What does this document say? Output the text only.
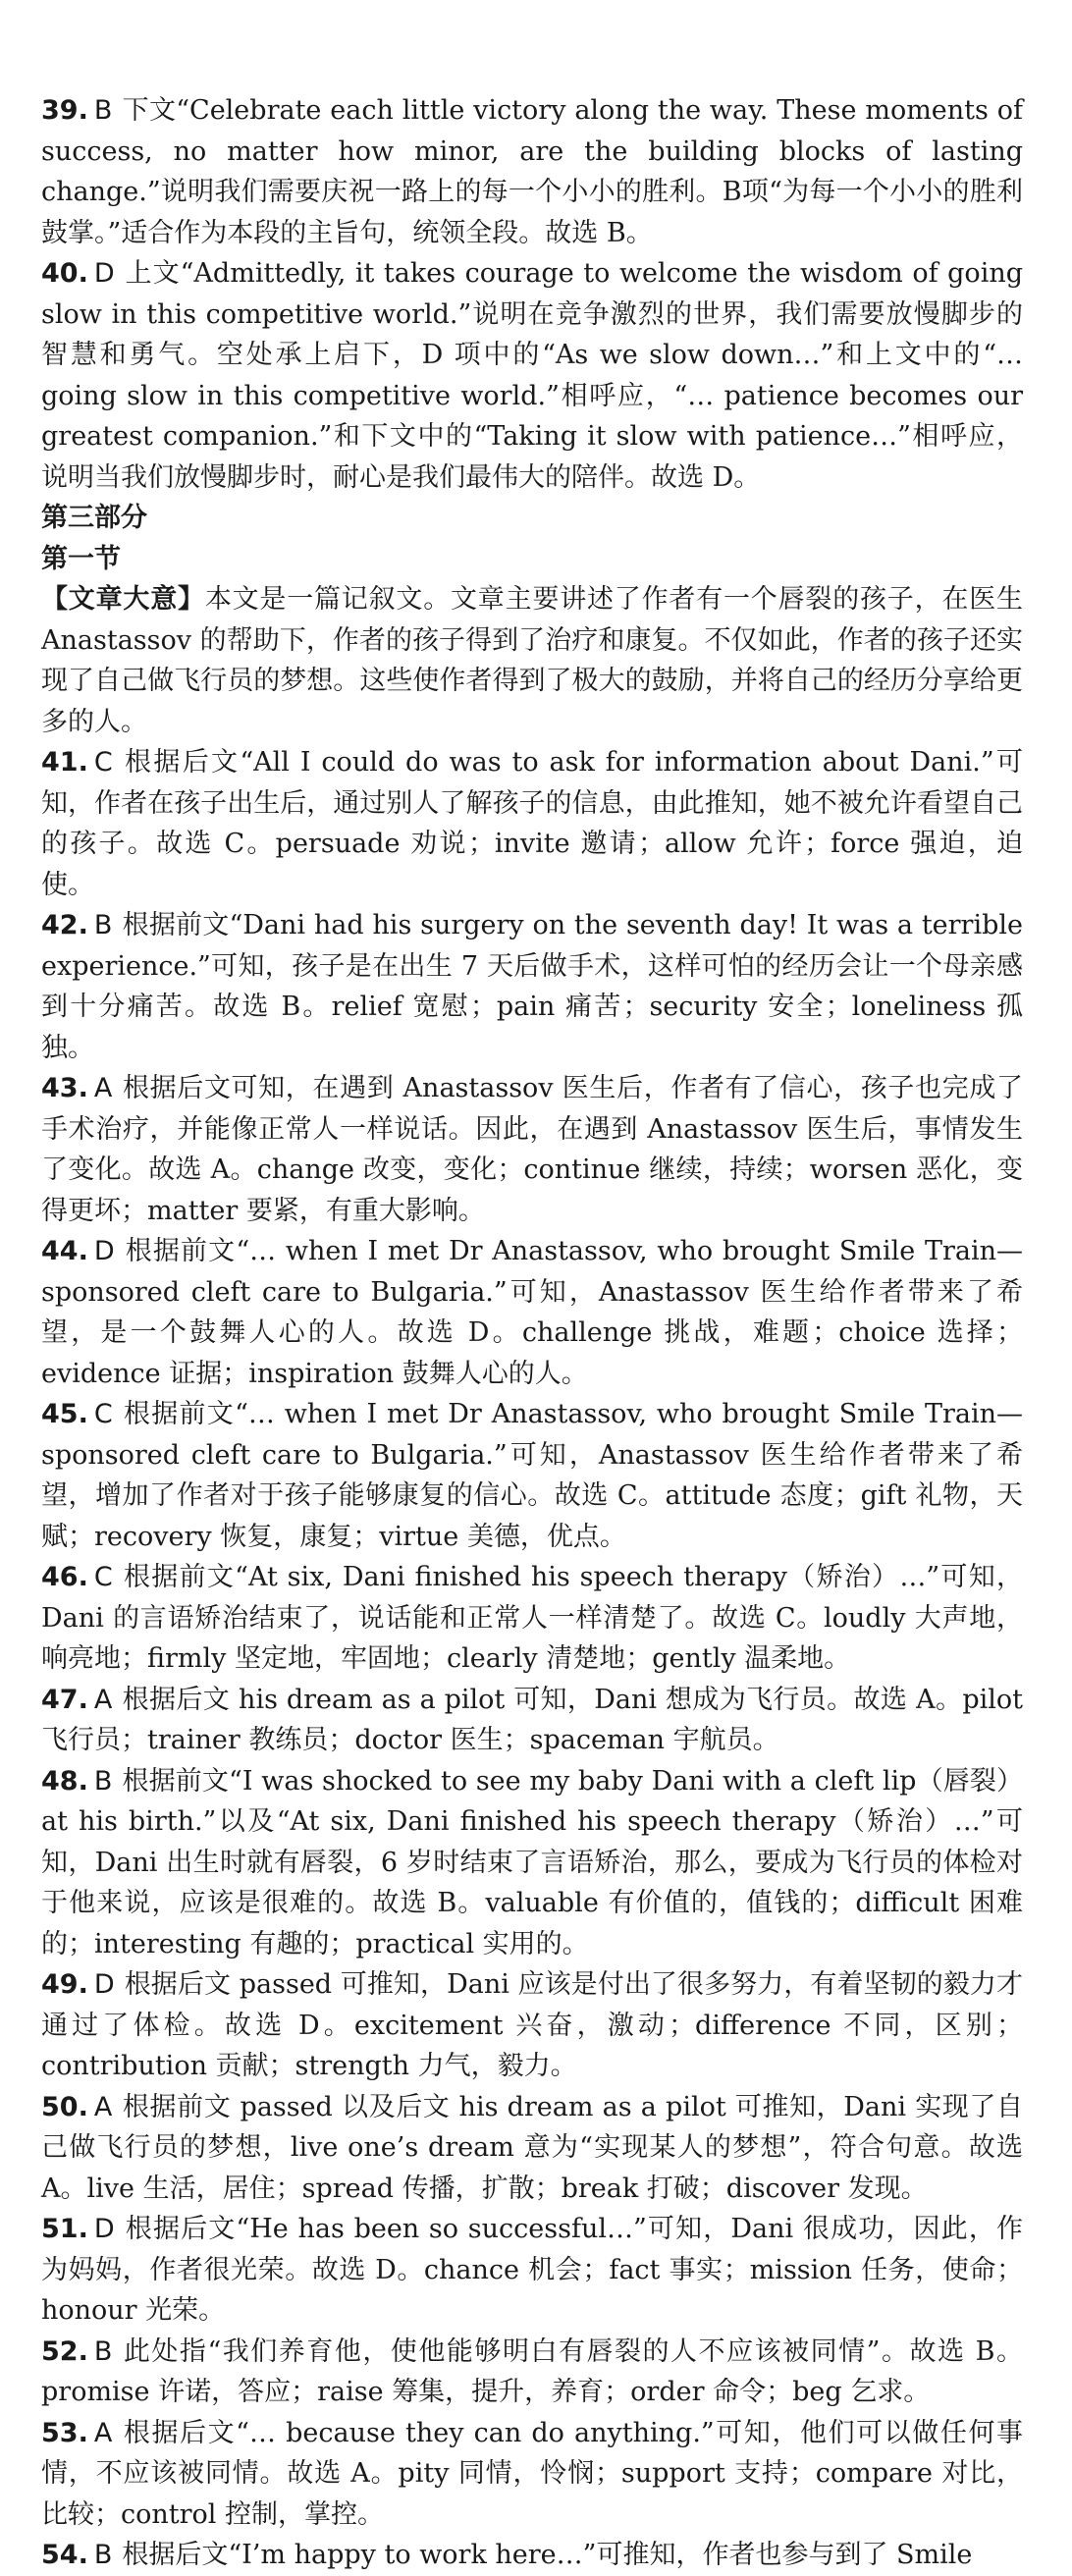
39. B 下文“Celebrate each little victory along the way. These moments of success, no matter how minor, are the building blocks of lasting change.”说明我们需要庆祝一路上的每一个小小的胜利。B项“为每一个小小的胜利鼓掌。”适合作为本段的主旨句，统领全段。故选 B。

40. D 上文“Admittedly, it takes courage to welcome the wisdom of going slow in this competitive world.”说明在竞争激烈的世界，我们需要放慢脚步的智慧和勇气。空处承上启下，D 项中的“As we slow down…”和上文中的“… going slow in this competitive world.”相呼应，“… patience becomes our greatest companion.”和下文中的“Taking it slow with patience…”相呼应，说明当我们放慢脚步时，耐心是我们最伟大的陪伴。故选 D。

第三部分

第一节

【文章大意】本文是一篇记叙文。文章主要讲述了作者有一个唇裂的孩子，在医生 Anastassov 的帮助下，作者的孩子得到了治疗和康复。不仅如此，作者的孩子还实现了自己做飞行员的梦想。这些使作者得到了极大的鼓励，并将自己的经历分享给更多的人。

41. C 根据后文“All I could do was to ask for information about Dani.”可知，作者在孩子出生后，通过别人了解孩子的信息，由此推知，她不被允许看望自己的孩子。故选 C。persuade 劝说；invite 邀请；allow 允许；force 强迫，迫使。

42. B 根据前文“Dani had his surgery on the seventh day! It was a terrible experience.”可知，孩子是在出生 7 天后做手术，这样可怕的经历会让一个母亲感到十分痛苦。故选 B。relief 宽慰；pain 痛苦；security 安全；loneliness 孤独。

43. A 根据后文可知，在遇到 Anastassov 医生后，作者有了信心，孩子也完成了手术治疗，并能像正常人一样说话。因此，在遇到 Anastassov 医生后，事情发生了变化。故选 A。change 改变，变化；continue 继续，持续；worsen 恶化，变得更坏；matter 要紧，有重大影响。

44. D 根据前文“… when I met Dr Anastassov, who brought Smile Train—sponsored cleft care to Bulgaria.”可知，Anastassov 医生给作者带来了希望，是一个鼓舞人心的人。故选 D。challenge 挑战，难题；choice 选择；evidence 证据；inspiration 鼓舞人心的人。

45. C 根据前文“… when I met Dr Anastassov, who brought Smile Train—sponsored cleft care to Bulgaria.”可知，Anastassov 医生给作者带来了希望，增加了作者对于孩子能够康复的信心。故选 C。attitude 态度；gift 礼物，天赋；recovery 恢复，康复；virtue 美德，优点。

46. C 根据前文“At six, Dani finished his speech therapy（矫治）…”可知，Dani 的言语矫治结束了，说话能和正常人一样清楚了。故选 C。loudly 大声地，响亮地；firmly 坚定地，牢固地；clearly 清楚地；gently 温柔地。

47. A 根据后文 his dream as a pilot 可知，Dani 想成为飞行员。故选 A。pilot 飞行员；trainer 教练员；doctor 医生；spaceman 宇航员。

48. B 根据前文“I was shocked to see my baby Dani with a cleft lip（唇裂）at his birth.”以及“At six, Dani finished his speech therapy（矫治）…”可知，Dani 出生时就有唇裂，6 岁时结束了言语矫治，那么，要成为飞行员的体检对于他来说，应该是很难的。故选 B。valuable 有价值的，值钱的；difficult 困难的；interesting 有趣的；practical 实用的。

49. D 根据后文 passed 可推知，Dani 应该是付出了很多努力，有着坚韧的毅力才通过了体检。故选 D。excitement 兴奋，激动；difference 不同，区别；contribution 贡献；strength 力气，毅力。

50. A 根据前文 passed 以及后文 his dream as a pilot 可推知，Dani 实现了自己做飞行员的梦想，live one’s dream 意为“实现某人的梦想”，符合句意。故选 A。live 生活，居住；spread 传播，扩散；break 打破；discover 发现。

51. D 根据后文“He has been so successful…”可知，Dani 很成功，因此，作为妈妈，作者很光荣。故选 D。chance 机会；fact 事实；mission 任务，使命；honour 光荣。

52. B 此处指“我们养育他，使他能够明白有唇裂的人不应该被同情”。故选 B。promise 许诺，答应；raise 筹集，提升，养育；order 命令；beg 乞求。

53. A 根据后文“… because they can do anything.”可知，他们可以做任何事情，不应该被同情。故选 A。pity 同情，怜悯；support 支持；compare 对比，比较；control 控制，掌控。

54. B 根据后文“I’m happy to work here…”可推知，作者也参与到了 Smile
